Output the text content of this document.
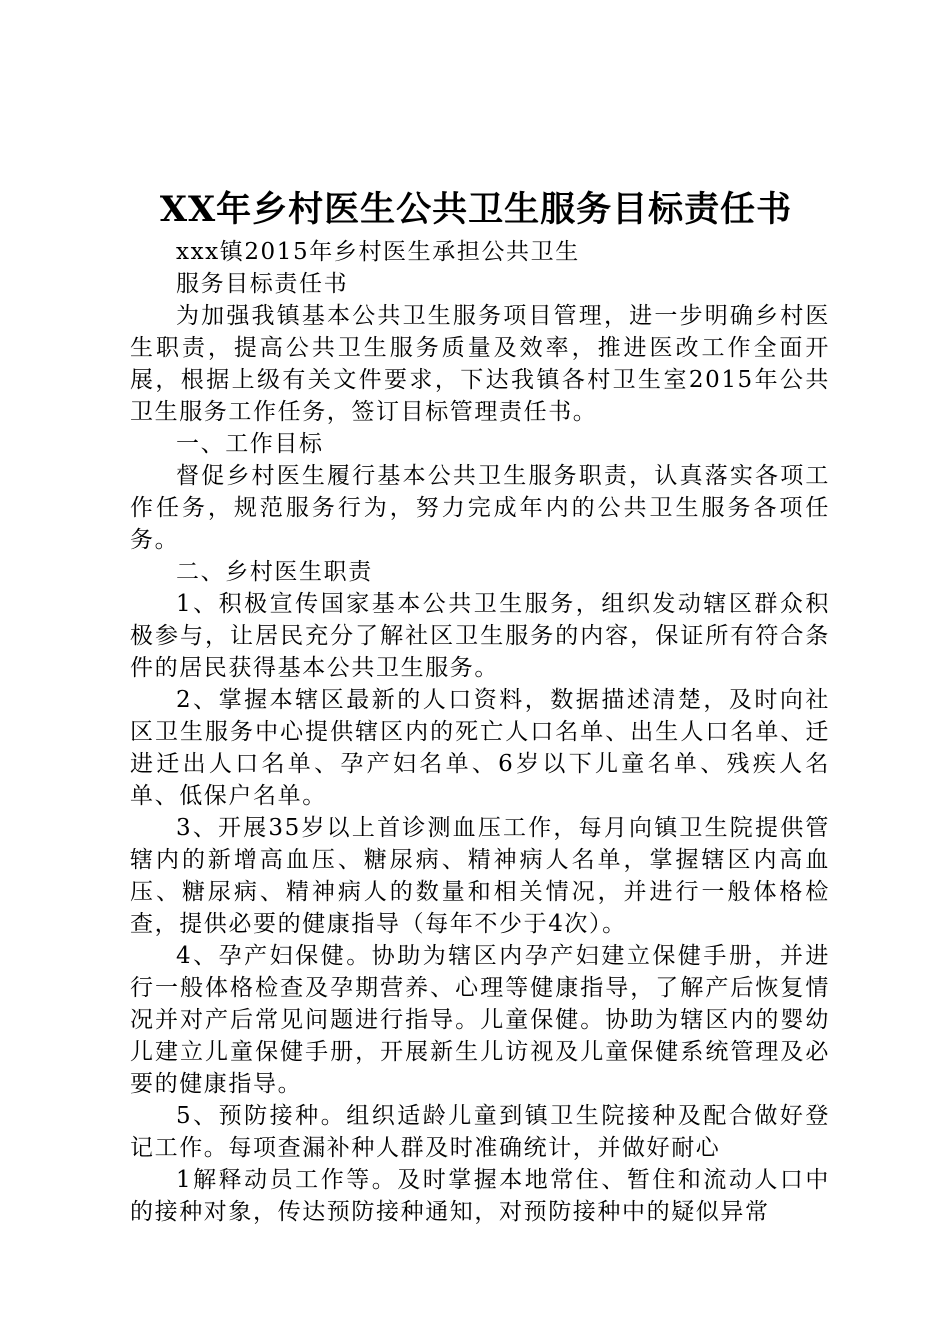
XX年乡村医生公共卫生服务目标责任书

xxx镇2015年乡村医生承担公共卫生

服务目标责任书

为加强我镇基本公共卫生服务项目管理，进一步明确乡村医生职责，提高公共卫生服务质量及效率，推进医改工作全面开展，根据上级有关文件要求，下达我镇各村卫生室2015年公共卫生服务工作任务，签订目标管理责任书。

一、工作目标

督促乡村医生履行基本公共卫生服务职责，认真落实各项工作任务，规范服务行为，努力完成年内的公共卫生服务各项任务。

二、乡村医生职责

1、积极宣传国家基本公共卫生服务，组织发动辖区群众积极参与，让居民充分了解社区卫生服务的内容，保证所有符合条件的居民获得基本公共卫生服务。

2、掌握本辖区最新的人口资料，数据描述清楚，及时向社区卫生服务中心提供辖区内的死亡人口名单、出生人口名单、迁进迁出人口名单、孕产妇名单、6岁以下儿童名单、残疾人名单、低保户名单。

3、开展35岁以上首诊测血压工作，每月向镇卫生院提供管辖内的新增高血压、糖尿病、精神病人名单，掌握辖区内高血压、糖尿病、精神病人的数量和相关情况，并进行一般体格检查，提供必要的健康指导（每年不少于4次）。

4、孕产妇保健。协助为辖区内孕产妇建立保健手册，并进行一般体格检查及孕期营养、心理等健康指导，了解产后恢复情况并对产后常见问题进行指导。儿童保健。协助为辖区内的婴幼儿建立儿童保健手册，开展新生儿访视及儿童保健系统管理及必要的健康指导。

5、预防接种。组织适龄儿童到镇卫生院接种及配合做好登记工作。每项查漏补种人群及时准确统计，并做好耐心

1解释动员工作等。及时掌握本地常住、暂住和流动人口中的接种对象，传达预防接种通知，对预防接种中的疑似异常
